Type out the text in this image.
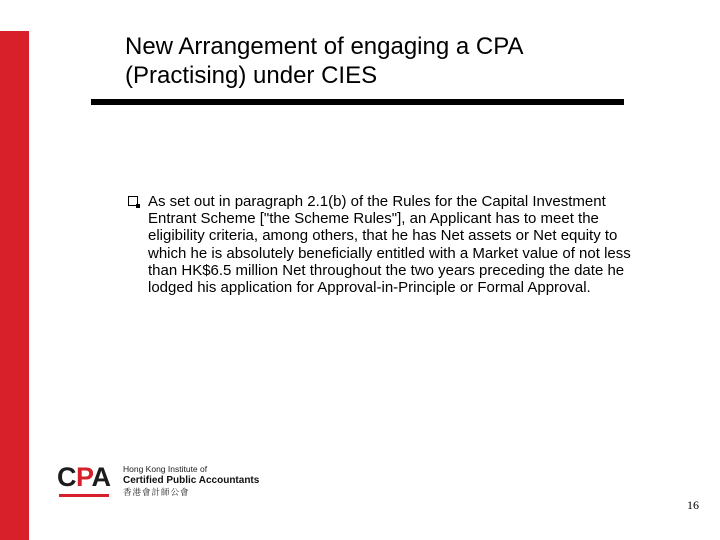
New Arrangement of engaging a CPA
(Practising) under CIES
As set out in paragraph 2.1(b) of the Rules for the Capital Investment Entrant Scheme ["the Scheme Rules"], an Applicant has to meet the eligibility criteria, among others, that he has Net assets or Net equity to which he is absolutely beneficially entitled with a Market value of not less than HK$6.5 million Net throughout the two years preceding the date he lodged his application for Approval-in-Principle or Formal Approval.
CPA Hong Kong Institute of
Certified Public Accountants
香港會計師公會
16
